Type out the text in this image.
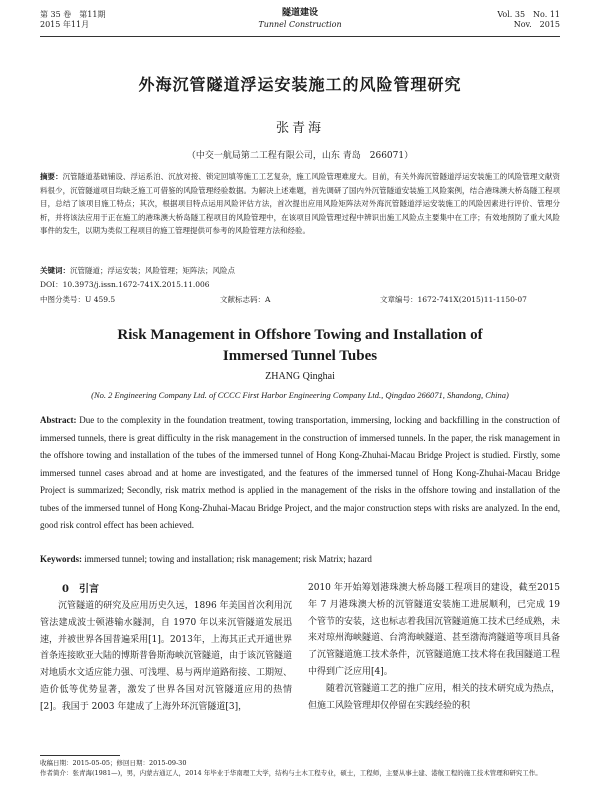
第 35 卷　第11期
2015 年11月
隧道建设
Tunnel Construction
Vol. 35　No. 11
Nov.　2015
外海沉管隧道浮运安装施工的风险管理研究
张青海
（中交一航局第二工程有限公司，山东 青岛　266071）

摘要：沉管隧道基础铺设、浮运系泊、沉放对接、锁定回填等施工工艺复杂，施工风险管理难度大。目前，有关外海沉管隧道浮运安装施工的风险管理文献资料很少，沉管隧道项目均缺乏施工可借鉴的风险管理经验数据。为解决上述难题，首先调研了国内外沉管隧道安装施工风险案例，结合港珠澳大桥岛隧工程项目，总结了该项目施工特点；其次，根据项目特点运用风险评估方法，首次提出应用风险矩阵法对外海沉管隧道浮运安装施工的风险因素进行评价、管理分析，并将该法应用于正在施工的港珠澳大桥岛隧工程项目的风险管理中，在该项目风险管理过程中辨识出施工风险点主要集中在工序；有效地预防了重大风险事件的发生，以期为类似工程项目的施工管理提供可参考的风险管理方法和经验。

关键词：沉管隧道；浮运安装；风险管理；矩阵法；风险点
DOI：10.3973/j.issn.1672-741X.2015.11.006
中图分类号：U 459.5	文献标志码：A	文章编号：1672-741X(2015)11-1150-07
Risk Management in Offshore Towing and Installation of
Immersed Tunnel Tubes
ZHANG Qinghai
(No. 2 Engineering Company Ltd. of CCCC First Harbor Engineering Company Ltd., Qingdao 266071, Shandong, China)

Abstract: Due to the complexity in the foundation treatment, towing transportation, immersing, locking and backfilling in the construction of immersed tunnels, there is great difficulty in the risk management in the construction of immersed tunnels. In the paper, the risk management in the offshore towing and installation of the tubes of the immersed tunnel of Hong Kong-Zhuhai-Macau Bridge Project is studied. Firstly, some immersed tunnel cases abroad and at home are investigated, and the features of the immersed tunnel of Hong Kong-Zhuhai-Macau Bridge Project is summarized; Secondly, risk matrix method is applied in the management of the risks in the offshore towing and installation of the tubes of the immersed tunnel of Hong Kong-Zhuhai-Macau Bridge Project, and the major construction steps with risks are analyzed. In the end, good risk control effect has been achieved.

Keywords: immersed tunnel; towing and installation; risk management; risk Matrix; hazard
0　引言

沉管隧道的研究及应用历史久远，1896 年美国首次利用沉管法建成波士顿港输水隧洞，自 1970 年以来沉管隧道发展迅速，并被世界各国普遍采用[1]。2013年，上海其正式开通世界首条连接欧亚大陆的博斯普鲁斯海峡沉管隧道，由于该沉管隧道对地质水文适应能力强、可浅埋、易与两岸道路衔接、工期短、造价低等优势显著，激发了世界各国对沉管隧道应用的热情[2]。我国于 2003 年建成了上海外环沉管隧道[3]，

2010 年开始筹划港珠澳大桥岛隧工程项目的建设，截至2015 年 7 月港珠澳大桥的沉管隧道安装施工进展顺利，已完成 19 个管节的安装，这也标志着我国沉管隧道施工技术已经成熟，未来对琼州海峡隧道、台湾海峡隧道、甚至渤海湾隧道等项目具备了沉管隧道施工技术条件，沉管隧道施工技术将在我国隧道工程中得到广泛应用[4]。

随着沉管隧道工艺的推广应用，相关的技术研究成为热点，但施工风险管理却仅停留在实践经验的积

收稿日期：2015-05-05；修回日期：2015-09-30
作者简介：张青海(1981—)，男，内蒙古通辽人，2014 年毕业于华南理工大学，结构与土木工程专业，硕士，工程师，主要从事土建、港航工程的施工技术管理和研究工作。
